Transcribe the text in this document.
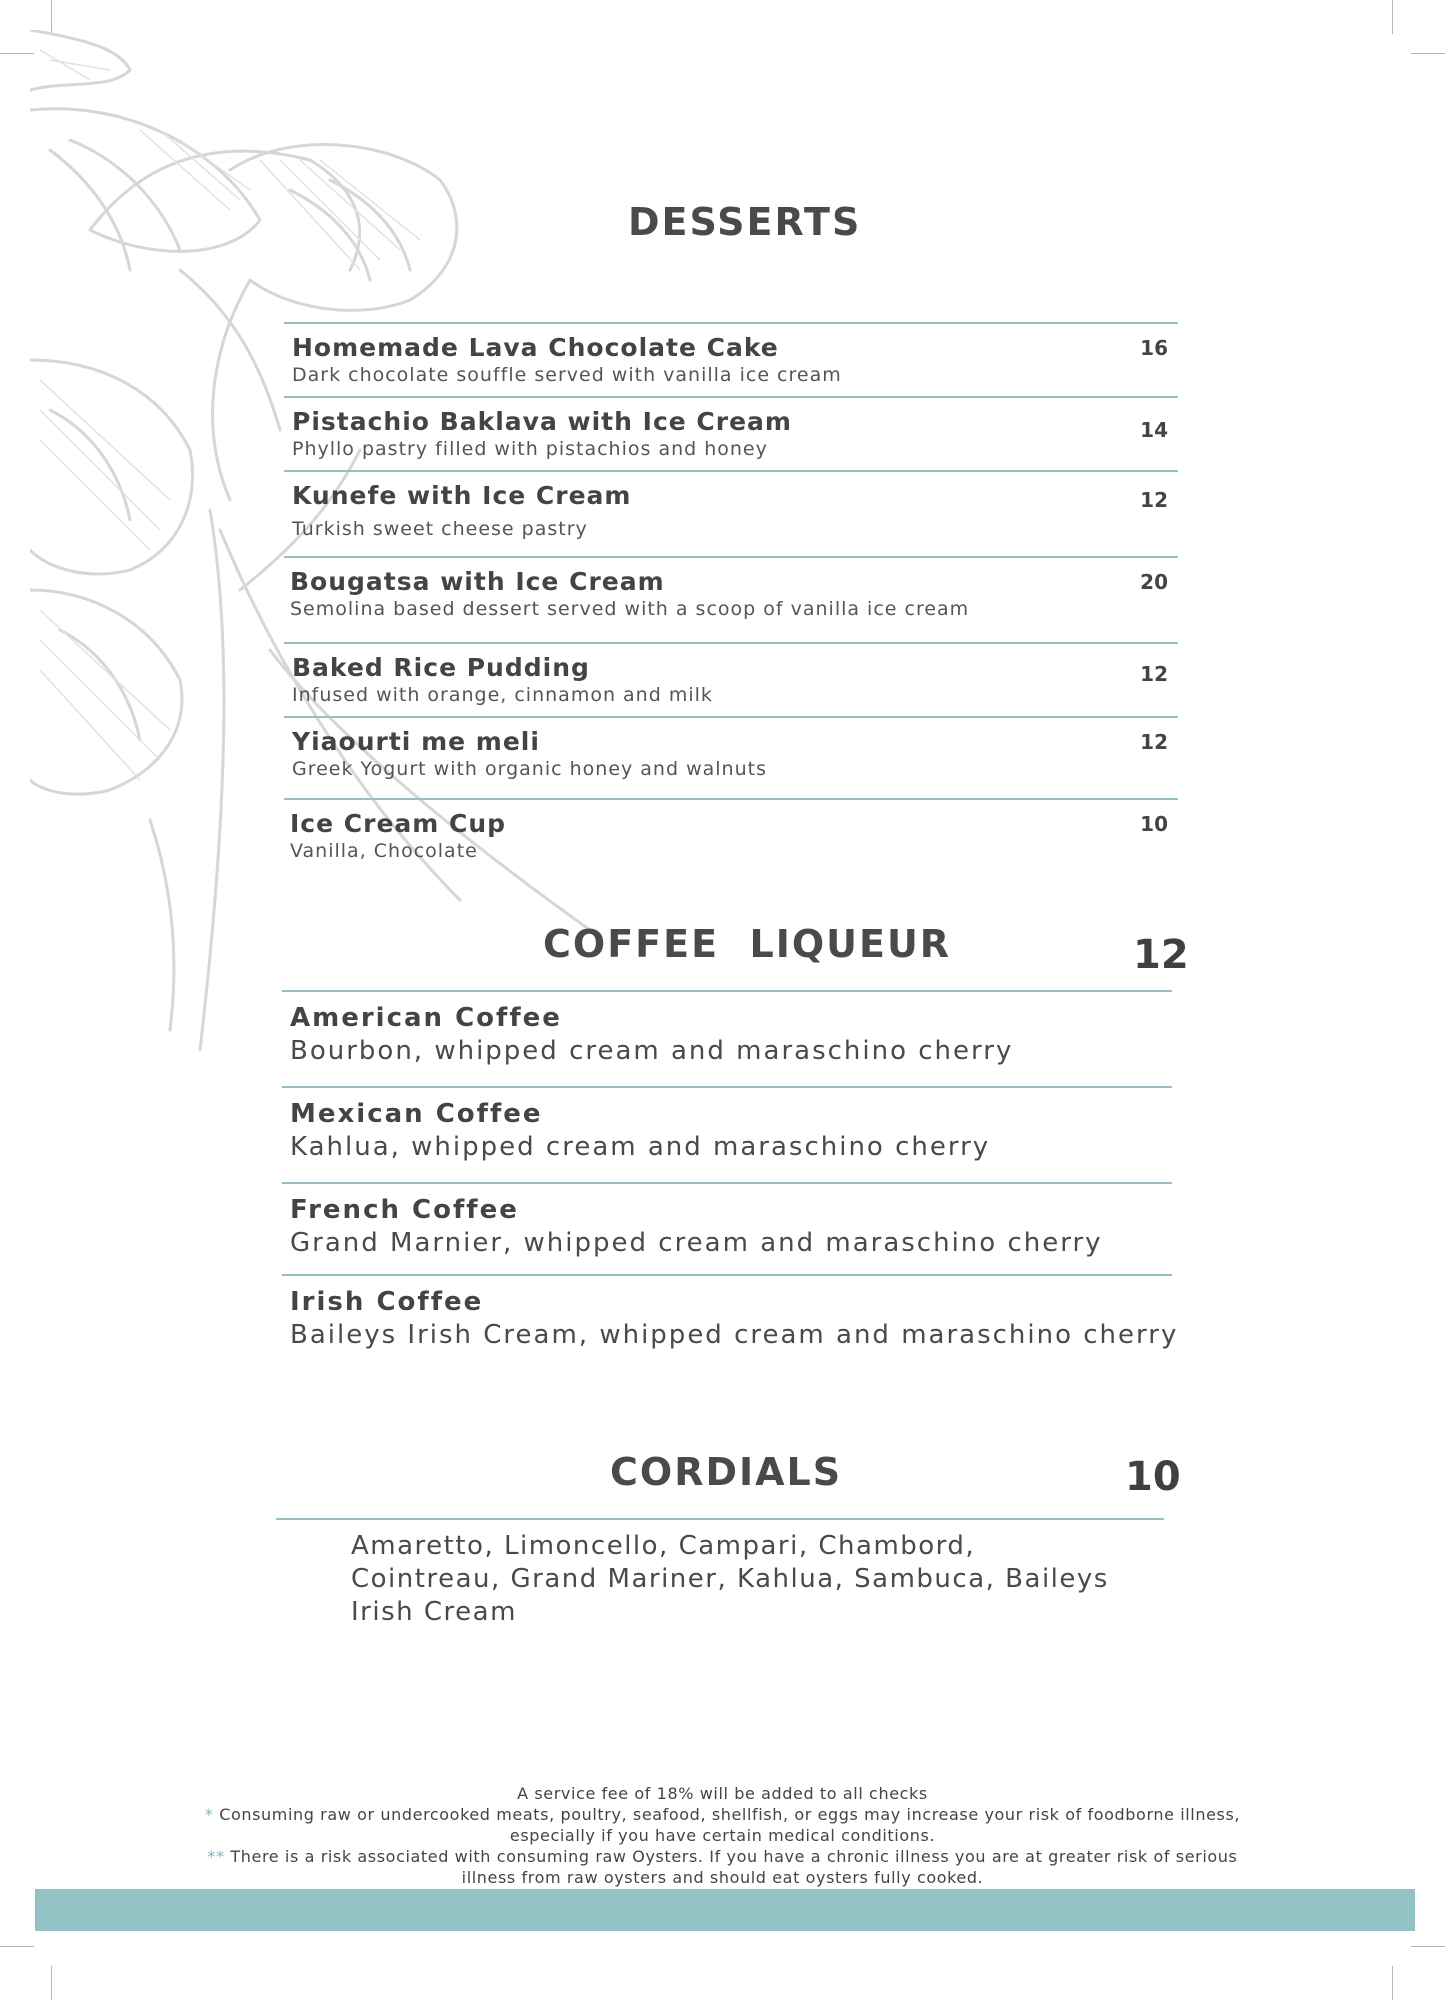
DESSERTS
Homemade Lava Chocolate Cake
Dark chocolate souffle served with vanilla ice cream
16
Pistachio Baklava with Ice Cream
Phyllo pastry filled with pistachios and honey
14
Kunefe with Ice Cream
Turkish sweet cheese pastry
12
Bougatsa with Ice Cream
Semolina based dessert served with a scoop of vanilla ice cream
20
Baked Rice Pudding
Infused with orange, cinnamon and milk
12
Yiaourti me meli
Greek Yogurt with organic honey and walnuts
12
Ice Cream Cup
Vanilla, Chocolate
10
COFFEE  LIQUEUR	12
American Coffee
Bourbon, whipped cream and maraschino cherry
Mexican Coffee
Kahlua, whipped cream and maraschino cherry
French Coffee
Grand Marnier, whipped cream and maraschino cherry
Irish Coffee
Baileys Irish Cream, whipped cream and maraschino cherry
CORDIALS	10
Amaretto, Limoncello, Campari, Chambord,
Cointreau, Grand Mariner, Kahlua, Sambuca, Baileys
Irish Cream
A service fee of 18% will be added to all checks
* Consuming raw or undercooked meats, poultry, seafood, shellfish, or eggs may increase your risk of foodborne illness,
especially if you have certain medical conditions.
** There is a risk associated with consuming raw Oysters. If you have a chronic illness you are at greater risk of serious
illness from raw oysters and should eat oysters fully cooked.
